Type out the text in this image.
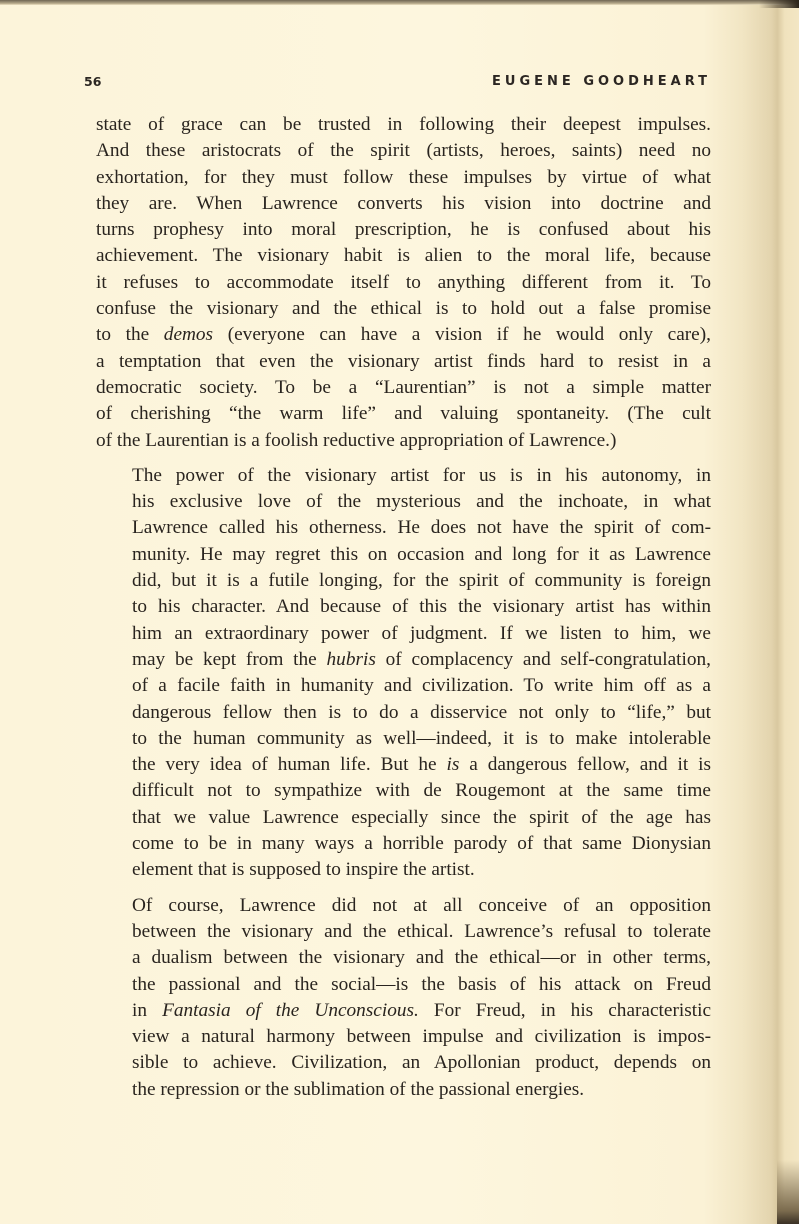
56	EUGENE GOODHEART

state of grace can be trusted in following their deepest impulses.
And these aristocrats of the spirit (artists, heroes, saints) need no
exhortation, for they must follow these impulses by virtue of what
they are. When Lawrence converts his vision into doctrine and
turns prophesy into moral prescription, he is confused about his
achievement. The visionary habit is alien to the moral life, because
it refuses to accommodate itself to anything different from it. To
confuse the visionary and the ethical is to hold out a false promise
to the demos (everyone can have a vision if he would only care),
a temptation that even the visionary artist finds hard to resist in a
democratic society. To be a “Laurentian” is not a simple matter
of cherishing “the warm life” and valuing spontaneity. (The cult
of the Laurentian is a foolish reductive appropriation of Lawrence.)

The power of the visionary artist for us is in his autonomy, in
his exclusive love of the mysterious and the inchoate, in what
Lawrence called his otherness. He does not have the spirit of com-
munity. He may regret this on occasion and long for it as Lawrence
did, but it is a futile longing, for the spirit of community is foreign
to his character. And because of this the visionary artist has within
him an extraordinary power of judgment. If we listen to him, we
may be kept from the hubris of complacency and self-congratulation,
of a facile faith in humanity and civilization. To write him off as a
dangerous fellow then is to do a disservice not only to “life,” but
to the human community as well—indeed, it is to make intolerable
the very idea of human life. But he is a dangerous fellow, and it is
difficult not to sympathize with de Rougemont at the same time
that we value Lawrence especially since the spirit of the age has
come to be in many ways a horrible parody of that same Dionysian
element that is supposed to inspire the artist.

Of course, Lawrence did not at all conceive of an opposition
between the visionary and the ethical. Lawrence’s refusal to tolerate
a dualism between the visionary and the ethical—or in other terms,
the passional and the social—is the basis of his attack on Freud
in Fantasia of the Unconscious. For Freud, in his characteristic
view a natural harmony between impulse and civilization is impos-
sible to achieve. Civilization, an Apollonian product, depends on
the repression or the sublimation of the passional energies.
